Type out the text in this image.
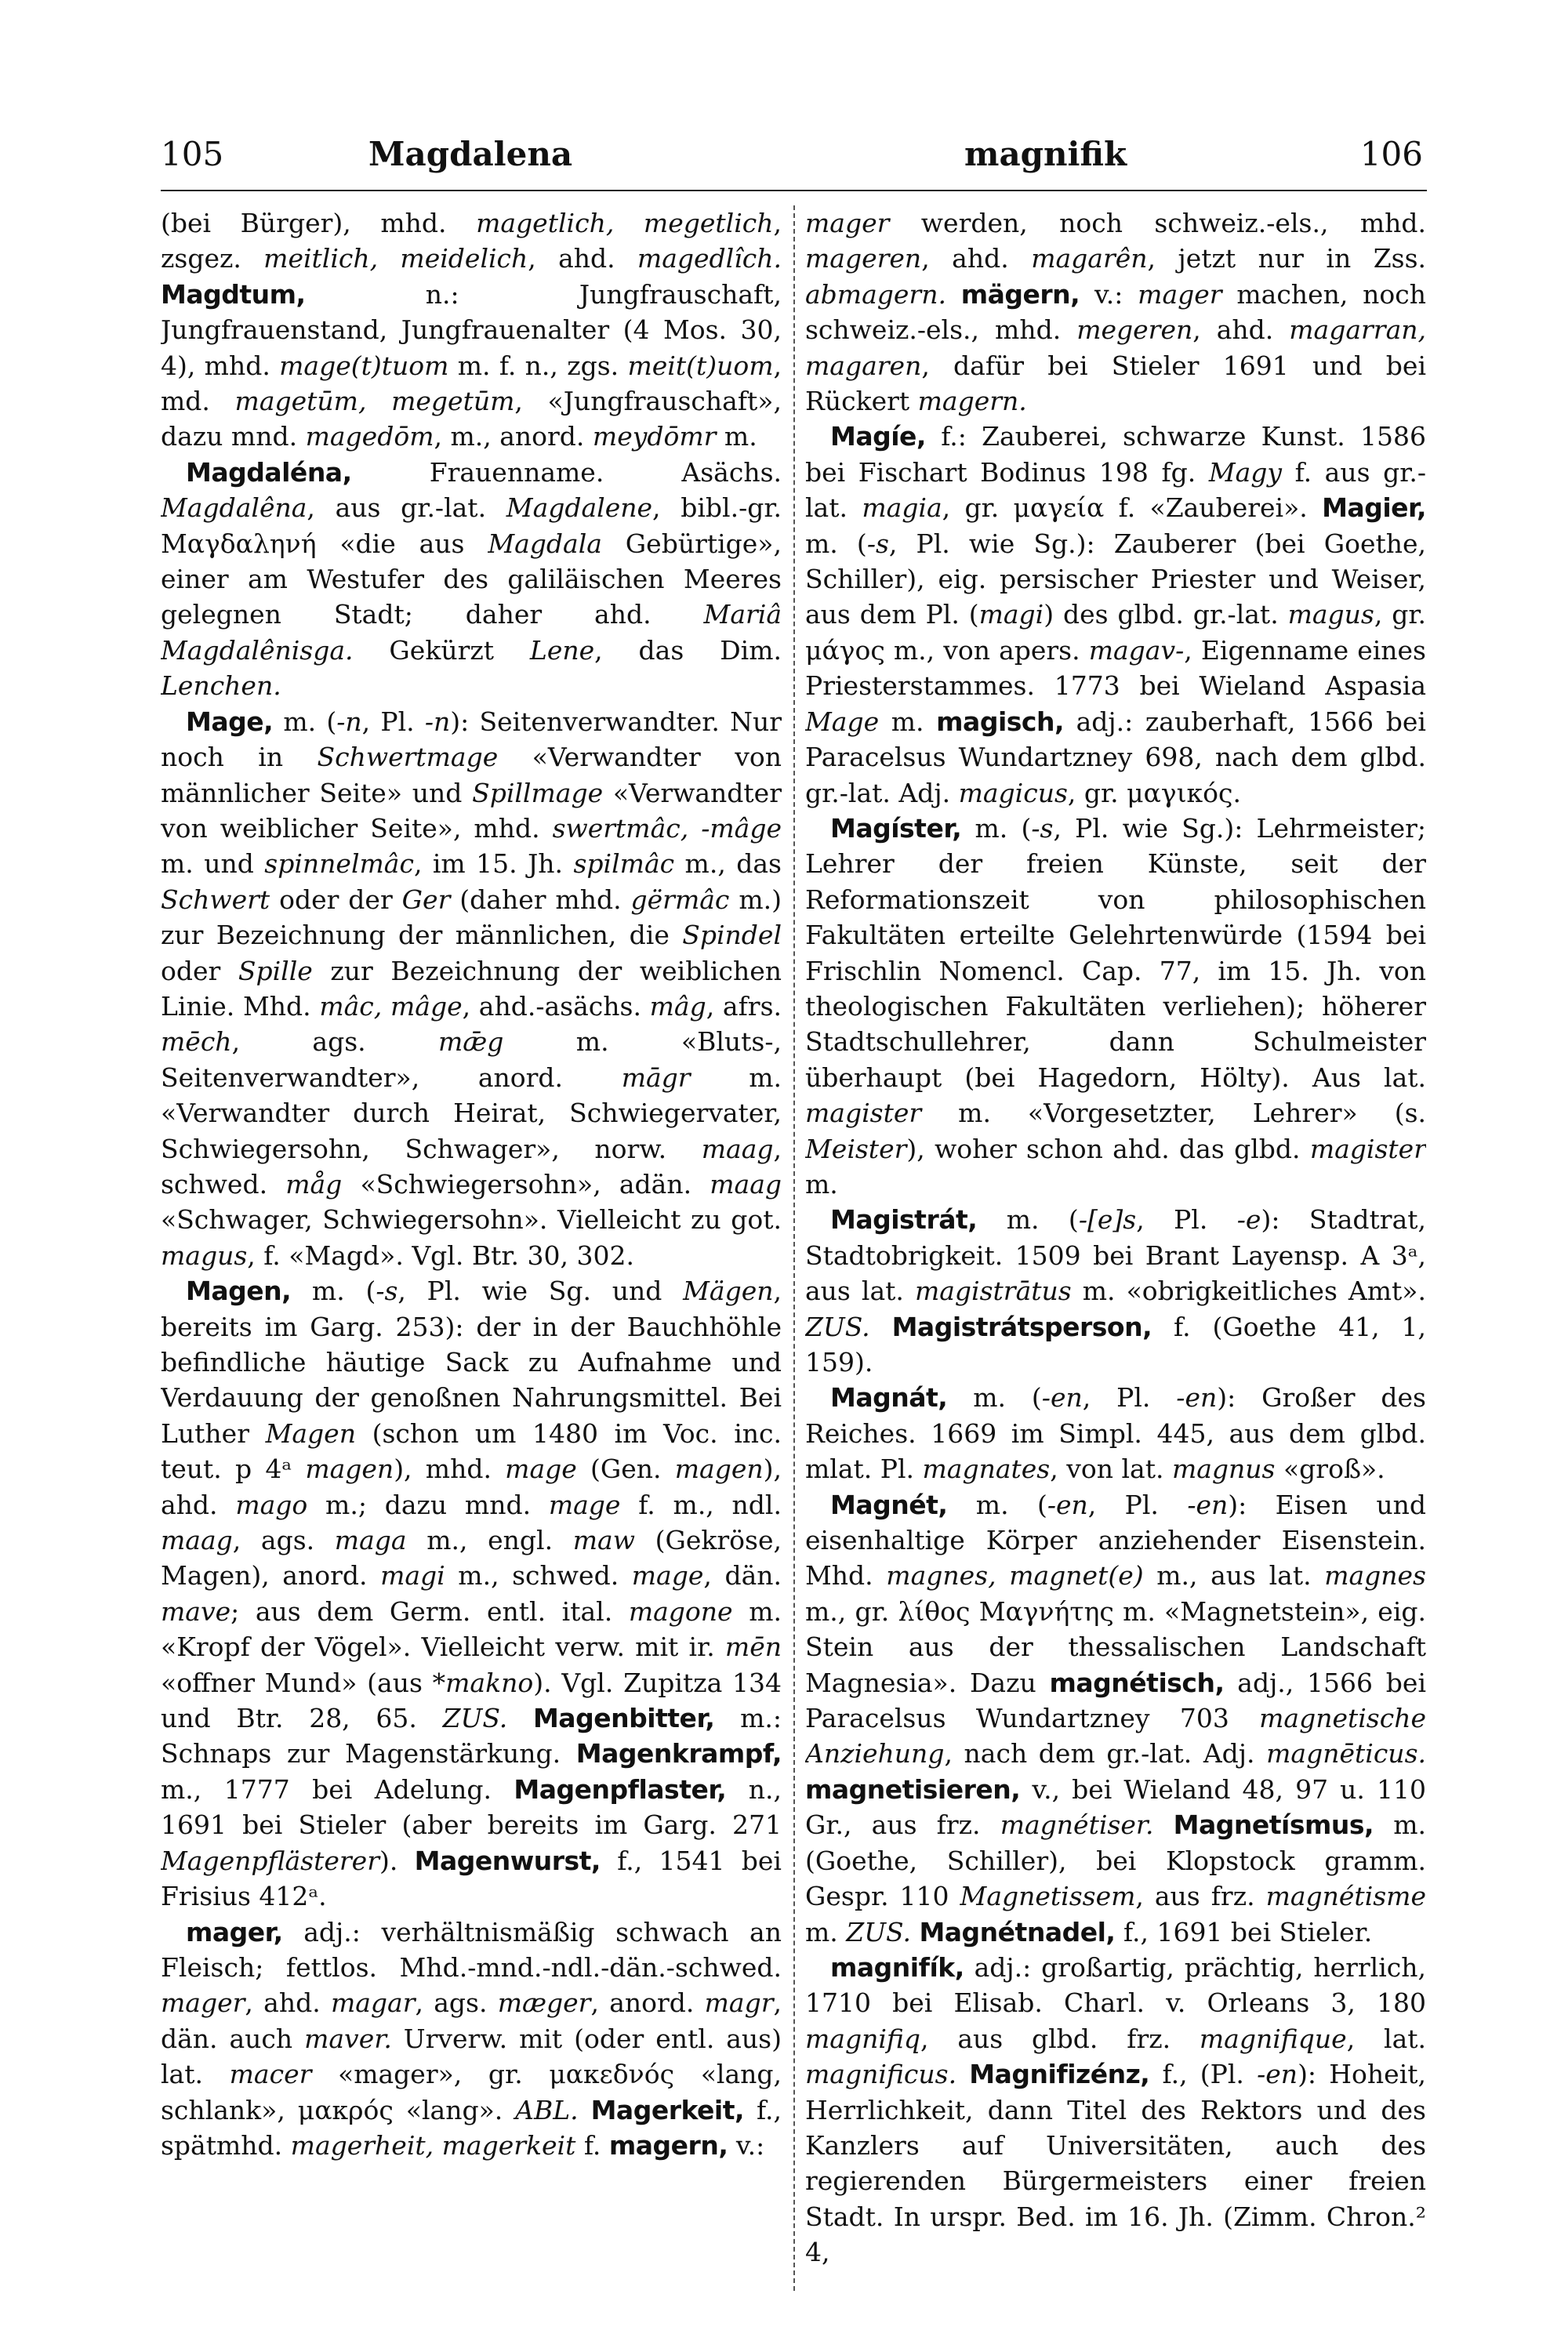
105	Magdalena	magnifik	106

(bei Bürger), mhd. magetlich, megetlich, zsgez. meitlich, meidelich, ahd. magedlîch. Magdtum, n.: Jungfrauschaft, Jungfrauenstand, Jungfrauenalter (4 Mos. 30, 4), mhd. mage(t)tuom m. f. n., zgs. meit(t)uom, md. magetūm, megetūm, «Jungfrauschaft», dazu mnd. magedōm, m., anord. meydōmr m.

Magdaléna, Frauenname. Asächs. Magdalêna, aus gr.-lat. Magdalene, bibl.-gr. Μαγδαληνή «die aus Magdala Gebürtige», einer am Westufer des galiläischen Meeres gelegnen Stadt; daher ahd. Mariâ Magdalênisga. Gekürzt Lene, das Dim. Lenchen.

Mage, m. (-n, Pl. -n): Seitenverwandter. Nur noch in Schwertmage «Verwandter von männlicher Seite» und Spillmage «Verwandter von weiblicher Seite», mhd. swertmâc, -mâge m. und spinnelmâc, im 15. Jh. spilmâc m., das Schwert oder der Ger (daher mhd. gërmâc m.) zur Bezeichnung der männlichen, die Spindel oder Spille zur Bezeichnung der weiblichen Linie. Mhd. mâc, mâge, ahd.-asächs. mâg, afrs. mēch, ags. mǣg m. «Bluts-, Seitenverwandter», anord. māgr m. «Verwandter durch Heirat, Schwiegervater, Schwiegersohn, Schwager», norw. maag, schwed. måg «Schwiegersohn», adän. maag «Schwager, Schwiegersohn». Vielleicht zu got. magus, f. «Magd». Vgl. Btr. 30, 302.

Magen, m. (-s, Pl. wie Sg. und Mägen, bereits im Garg. 253): der in der Bauchhöhle befindliche häutige Sack zu Aufnahme und Verdauung der genoßnen Nahrungsmittel. Bei Luther Magen (schon um 1480 im Voc. inc. teut. p 4ᵃ magen), mhd. mage (Gen. magen), ahd. mago m.; dazu mnd. mage f. m., ndl. maag, ags. maga m., engl. maw (Gekröse, Magen), anord. magi m., schwed. mage, dän. mave; aus dem Germ. entl. ital. magone m. «Kropf der Vögel». Vielleicht verw. mit ir. mēn «offner Mund» (aus *makno). Vgl. Zupitza 134 und Btr. 28, 65. ZUS. Magenbitter, m.: Schnaps zur Magenstärkung. Magenkrampf, m., 1777 bei Adelung. Magenpflaster, n., 1691 bei Stieler (aber bereits im Garg. 271 Magenpflästerer). Magenwurst, f., 1541 bei Frisius 412ᵃ.

mager, adj.: verhältnismäßig schwach an Fleisch; fettlos. Mhd.-mnd.-ndl.-dän.-schwed. mager, ahd. magar, ags. mæger, anord. magr, dän. auch maver. Urverw. mit (oder entl. aus) lat. macer «mager», gr. μακεδνός «lang, schlank», μακρός «lang». ABL. Magerkeit, f., spätmhd. magerheit, magerkeit f. magern, v.:

mager werden, noch schweiz.-els., mhd. mageren, ahd. magarên, jetzt nur in Zss. abmagern. mägern, v.: mager machen, noch schweiz.-els., mhd. megeren, ahd. magarran, magaren, dafür bei Stieler 1691 und bei Rückert magern.

Magíe, f.: Zauberei, schwarze Kunst. 1586 bei Fischart Bodinus 198 fg. Magy f. aus gr.-lat. magia, gr. μαγεία f. «Zauberei». Magier, m. (-s, Pl. wie Sg.): Zauberer (bei Goethe, Schiller), eig. persischer Priester und Weiser, aus dem Pl. (magi) des glbd. gr.-lat. magus, gr. μάγος m., von apers. magav-, Eigenname eines Priesterstammes. 1773 bei Wieland Aspasia Mage m. magisch, adj.: zauberhaft, 1566 bei Paracelsus Wundartzney 698, nach dem glbd. gr.-lat. Adj. magicus, gr. μαγικός.

Magíster, m. (-s, Pl. wie Sg.): Lehrmeister; Lehrer der freien Künste, seit der Reformationszeit von philosophischen Fakultäten erteilte Gelehrtenwürde (1594 bei Frischlin Nomencl. Cap. 77, im 15. Jh. von theologischen Fakultäten verliehen); höherer Stadtschullehrer, dann Schulmeister überhaupt (bei Hagedorn, Hölty). Aus lat. magister m. «Vorgesetzter, Lehrer» (s. Meister), woher schon ahd. das glbd. magister m.

Magistrát, m. (-[e]s, Pl. -e): Stadtrat, Stadtobrigkeit. 1509 bei Brant Layensp. A 3ᵃ, aus lat. magistrātus m. «obrigkeitliches Amt». ZUS. Magistrátsperson, f. (Goethe 41, 1, 159).

Magnát, m. (-en, Pl. -en): Großer des Reiches. 1669 im Simpl. 445, aus dem glbd. mlat. Pl. magnates, von lat. magnus «groß».

Magnét, m. (-en, Pl. -en): Eisen und eisenhaltige Körper anziehender Eisenstein. Mhd. magnes, magnet(e) m., aus lat. magnes m., gr. λίθος Μαγνήτης m. «Magnetstein», eig. Stein aus der thessalischen Landschaft Magnesia». Dazu magnétisch, adj., 1566 bei Paracelsus Wundartzney 703 magnetische Anziehung, nach dem gr.-lat. Adj. magnēticus. magnetisieren, v., bei Wieland 48, 97 u. 110 Gr., aus frz. magnétiser. Magnetísmus, m. (Goethe, Schiller), bei Klopstock gramm. Gespr. 110 Magnetissem, aus frz. magnétisme m. ZUS. Magnétnadel, f., 1691 bei Stieler.

magnifík, adj.: großartig, prächtig, herrlich, 1710 bei Elisab. Charl. v. Orleans 3, 180 magnifiq, aus glbd. frz. magnifique, lat. magnificus. Magnifizénz, f., (Pl. -en): Hoheit, Herrlichkeit, dann Titel des Rektors und des Kanzlers auf Universitäten, auch des regierenden Bürgermeisters einer freien Stadt. In urspr. Bed. im 16. Jh. (Zimm. Chron.² 4,
